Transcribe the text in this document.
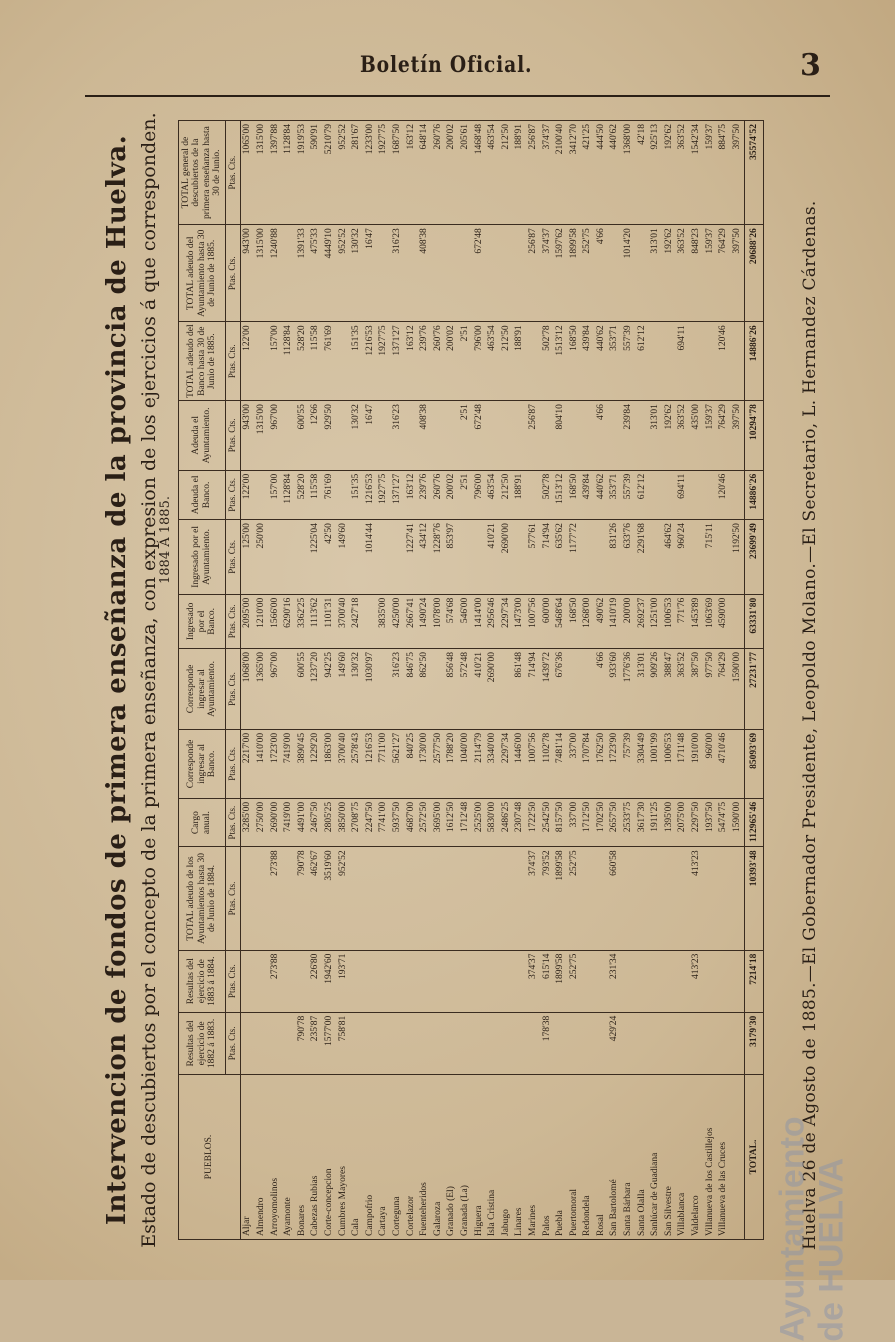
Boletín Oficial.	3
Intervencion de fondos de primera enseñanza de la provincia de Huelva. Estado de descubiertos por el concepto de la primera enseñanza, con expresion de los ejercicios á que corresponden.
1884 Á 1885.
PUEBLOS.	Resultas del ejercicio de 1882 á 1883.	Resultas del ejercicio de 1883 á 1884.	TOTAL adeudo de los Ayuntamientos hasta 30 de Junio de 1884.	Cargo anual.	Corresponde ingresar al Banco.	Corresponde ingresar al Ayuntamiento.	Ingresado por el Banco.	Ingresado por el Ayuntamiento.	Adeuda el Banco.	Adeuda el Ayuntamiento.	TOTAL adeudo del Banco hasta 30 de Junio de 1885.	TOTAL adeudo del Ayuntamiento hasta 30 de Junio de 1885.	TOTAL general de descubiertos de la primera enseñanza hasta 30 de Junio.
	Ptas. Cts.	Ptas. Cts.	Ptas. Cts.	Ptas. Cts.	Ptas. Cts.	Ptas. Cts.	Ptas. Cts.	Ptas. Cts.	Ptas. Cts.	Ptas. Cts.	Ptas. Cts.	Ptas. Cts.	Ptas. Cts.
Aljar				3285'00	2217'00	1068'00	2095'00	125'00	122'00	943'00	122'00	943'00	1065'00
Almendro				2750'00	1410'00	1365'00	1210'00	250'00		1315'00		1315'00	1315'00
Arroyomolinos		273'88	273'88	2690'00	1723'00	967'00	1566'00		157'00	967'00	157'00	1240'88	1397'88
Ayamonte				7419'00	7419'00		6290'16		1128'84		1128'84		1128'84
Bonares	790'78		790'78	4491'00	3890'45	600'55	3362'25		528'20	600'55	528'20	1391'33	1919'53
Cabezas Rubias	235'87	226'80	462'67	2467'50	1229'20	1237'20	1113'62	1225'04	115'58	12'66	115'58	475'33	590'91
Corte-concepcion	1577'00	1942'60	3519'60	2805'25	1863'00	942'25	1101'31	42'50	761'69	929'50	761'69	4449'10	5210'79
Cumbres Mayores	758'81	193'71	952'52	3850'00	3700'40	149'60	3700'40	149'60				952'52	952'52
Cala				2708'75	2578'43	130'32	2427'18		151'35	130'32	151'35	130'32	281'67
Campofrio				2247'50	1216'53	1030'97		1014'44	1216'53	16'47	1216'53	16'47	1233'00
Cartaya				7741'00	7711'00		3835'00		1927'75		1927'75		1927'75
Corteguna				5937'50	5621'27	316'23	4250'00		1371'27	316'23	1371'27	316'23	1687'50
Cortelazor				4687'00	840'25	846'75	2667'41	1227'41	163'12		163'12		163'12
Fuenteheridos				2572'50	1730'00	862'50	1490'24	434'12	239'76	408'38	239'76	408'38	648'14
Galaroza				3695'00	2577'50		1078'00	1228'76	260'76		260'76		260'76
Granado (El)				1612'50	1788'20	856'48	574'68	853'97	200'02		200'02		200'02
Granada (La)				1712'48	1040'00	572'48	546'00		2'51	2'51	2'51		205'61
Higuera				2525'00	2114'79	410'21	1414'00		796'00	672'48	796'00	672'48	1468'48
Isla Cristina				5830'00	3340'00	2690'00	2956'46	410'21	463'54		463'54		463'54
Jabugo				2486'25	2297'34		2297'34	2690'00	212'50		212'50		212'50
Linares				2307'48	1446'00	861'48	1473'00		188'91		188'91		188'91
Marines		374'37	374'37	1722'50	1007'56	714'94	1007'56	577'61		256'87		256'87	256'87
Palos	178'38	615'14	793'52	2542'50	1102'78	1439'72	600'00	714'94	502'78		502'78	374'37	374'37
Puebla		1899'58	1899'58	8157'50	7481'14	676'36	5468'64	635'62	1513'12	804'10	1513'12	1597'62	2100'40
Puertomoral		252'75	252'75	337'00	337'00		168'50	1177'72	168'50		168'50	1899'58	3412'70
Redondela				1712'50	1707'84		1268'00		439'84		439'84	252'75	421'25
Rosal				1702'50	1762'50	4'66	490'62		440'62	4'66	440'62	4'66	444'50
San Bartolomé	429'24	231'34	660'58	2657'50	1723'90	933'60	1410'19	831'26	353'71		353'71		440'62
Santa Bárbara				2533'75	757'39	1776'36	200'00	633'76	557'39	239'84	557'39	1014'20	1368'00
Santa Olalla				3617'30	3304'49	313'01	2692'37	2291'68	612'12		612'12		42'18
Sanlúcar de Guadiana				1911'25	1001'99	909'26	1251'00			313'01		313'01	925'13
San Silvestre				1395'00	1006'53	388'47	1006'53	464'62		192'62		192'62	192'62
Villablanca				2075'00	1711'48	363'52	771'76	960'24	694'11	363'52	694'11	363'52	363'52
Valdelarco		413'23	413'23	2297'50	1910'00	387'50	1453'89			435'00		848'23	1542'34
Villanueva de los Castillejos				1937'50	960'00	977'50	1063'69	715'11		159'37		159'37	159'37
Villanueva de las Cruces				5474'75	4710'46	764'29	4590'00		120'46	764'29	120'46	764'29	884'75
				1590'00		1590'00		1192'50		397'50		397'50	397'50
TOTAL.	3179'30	7214'18	10393'48	112965'46	85093'69	27231'77	63331'80	23699'49	14886'26	10294'78	14886'26	20688'26	35574'52
Huelva 26 de Agosto de 1885.—El Gobernador Presidente, Leopoldo Molano.—El Secretario, L. Hernandez Cárdenas.
Ayuntamiento de HUELVA
